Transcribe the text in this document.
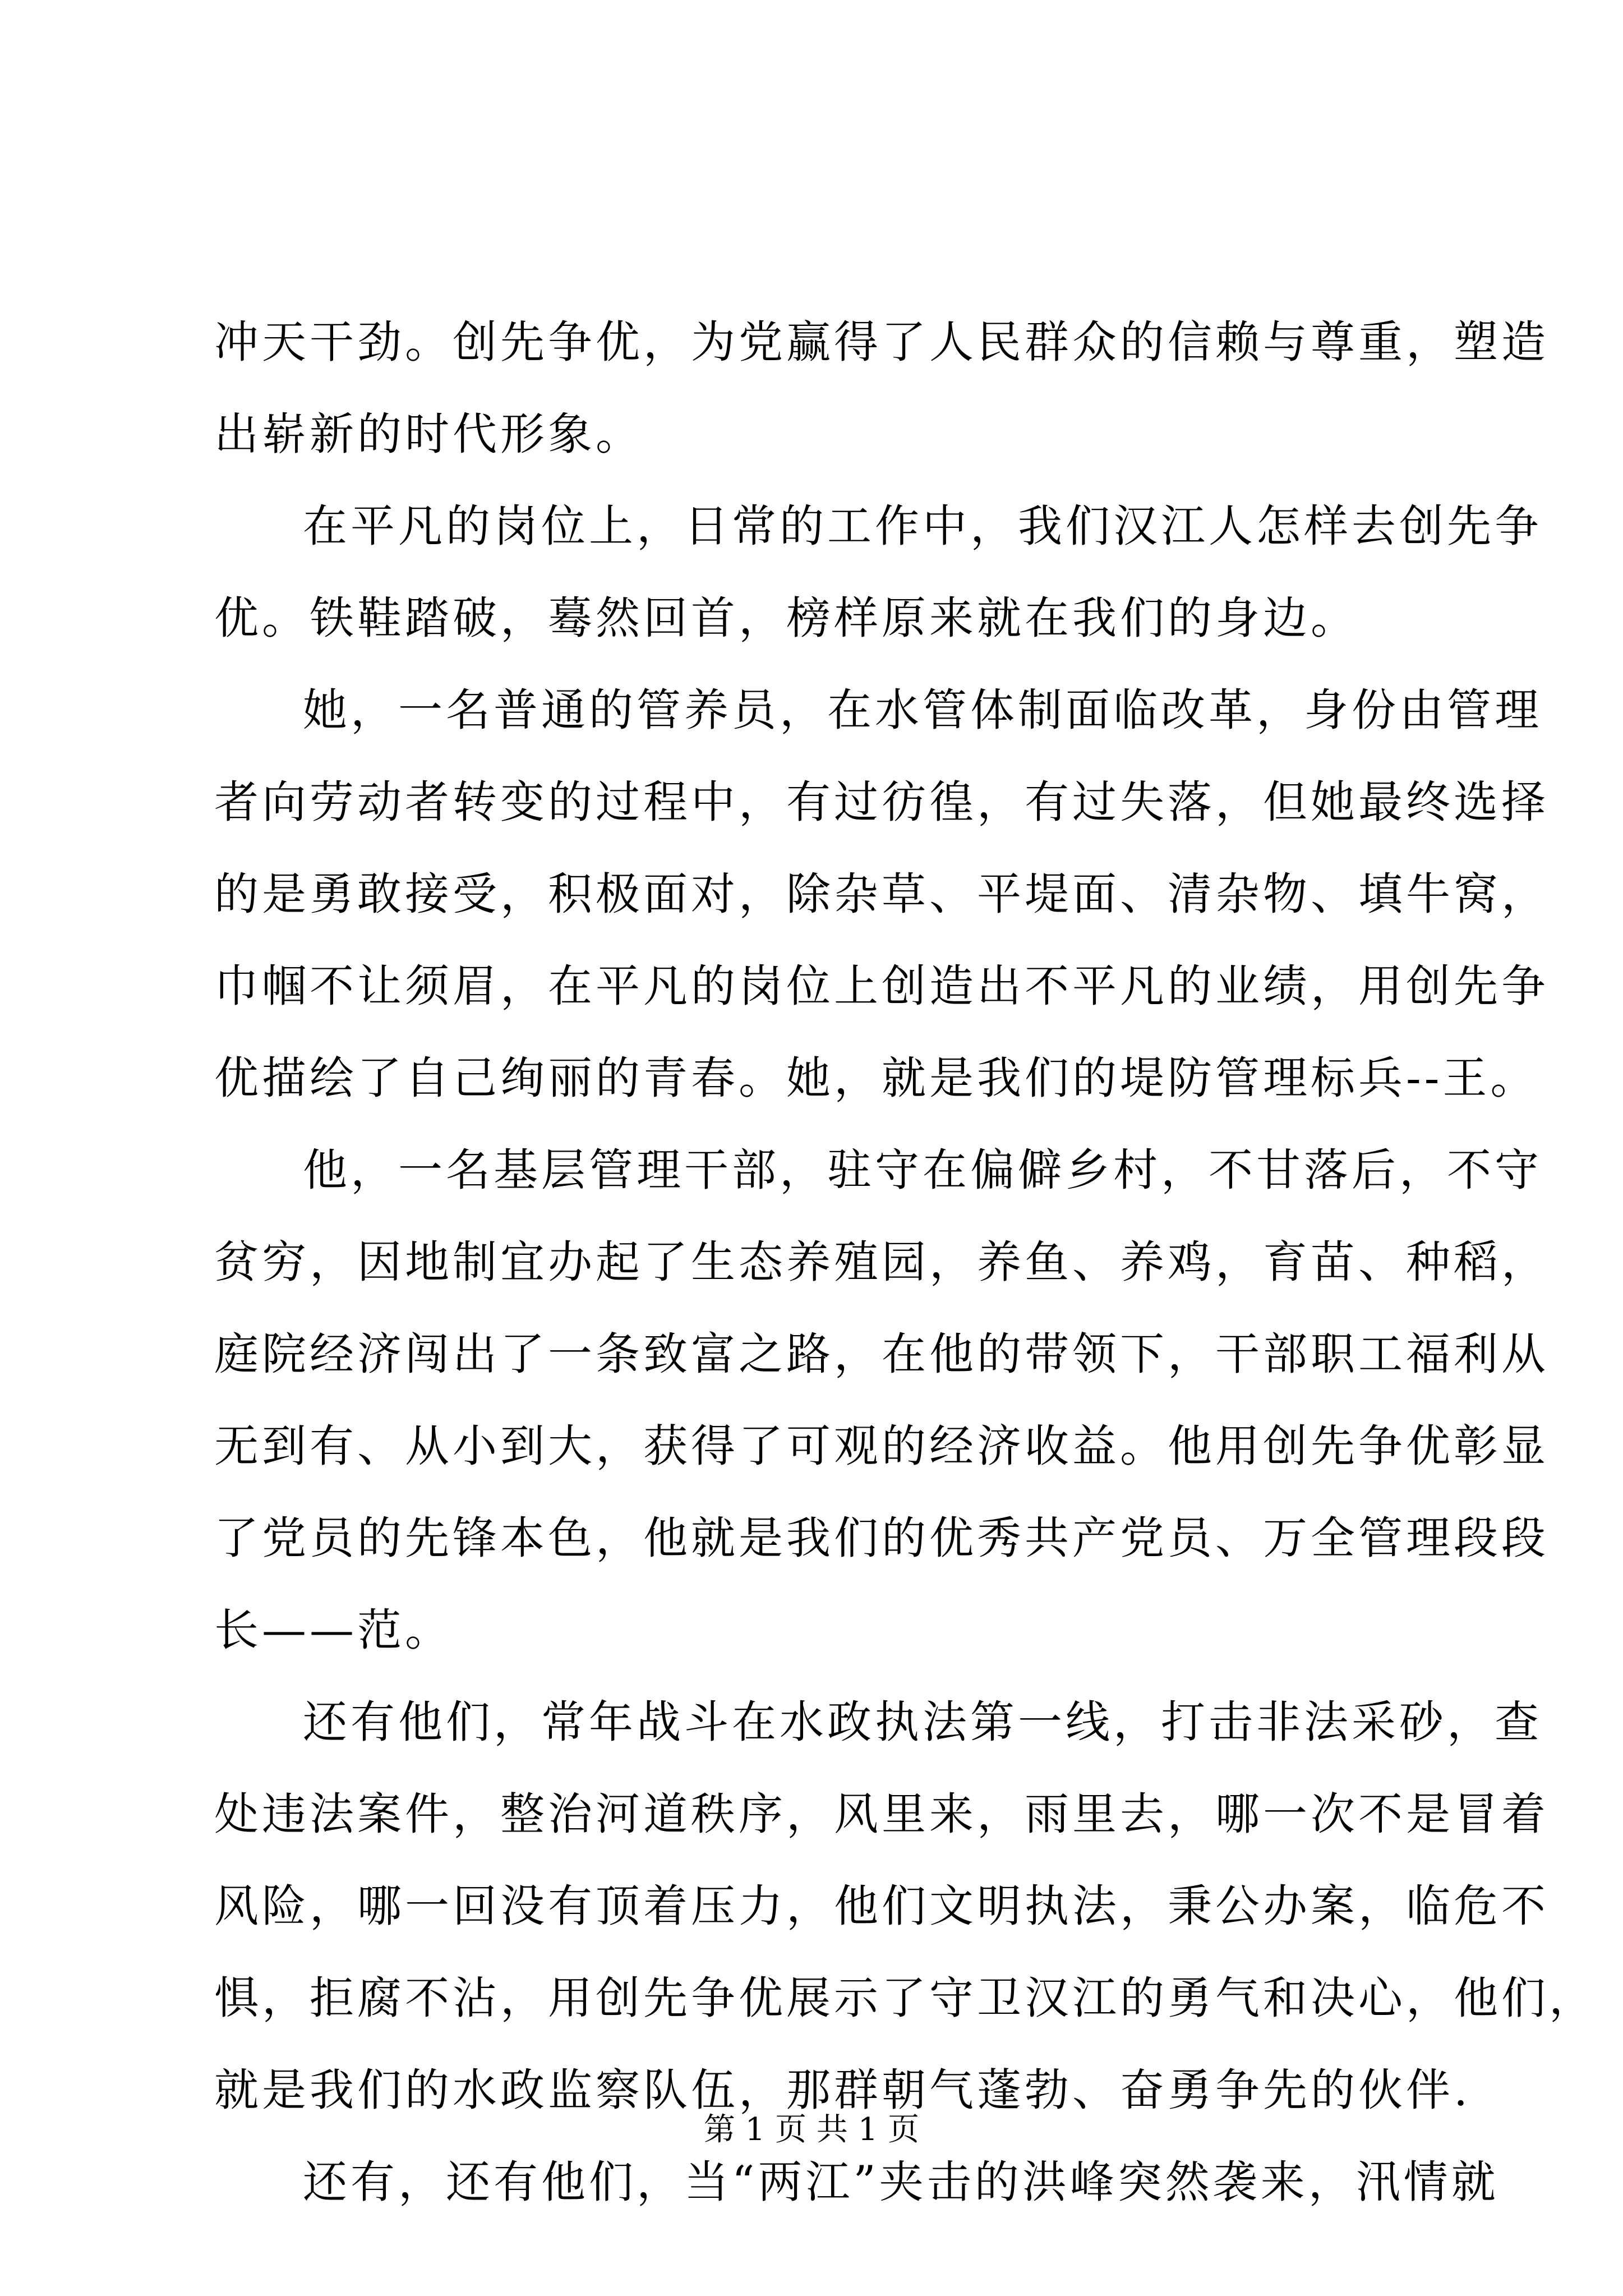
冲天干劲。创先争优，为党赢得了人民群众的信赖与尊重，塑造
出崭新的时代形象。
在平凡的岗位上，日常的工作中，我们汉江人怎样去创先争
优。铁鞋踏破，蓦然回首，榜样原来就在我们的身边。
她，一名普通的管养员，在水管体制面临改革，身份由管理
者向劳动者转变的过程中，有过彷徨，有过失落，但她最终选择
的是勇敢接受，积极面对，除杂草、平堤面、清杂物、填牛窝，
巾帼不让须眉，在平凡的岗位上创造出不平凡的业绩，用创先争
优描绘了自己绚丽的青春。她，就是我们的堤防管理标兵--王。
他，一名基层管理干部，驻守在偏僻乡村，不甘落后，不守
贫穷，因地制宜办起了生态养殖园，养鱼、养鸡，育苗、种稻，
庭院经济闯出了一条致富之路，在他的带领下，干部职工福利从
无到有、从小到大，获得了可观的经济收益。他用创先争优彰显
了党员的先锋本色，他就是我们的优秀共产党员、万全管理段段
长——范。
还有他们，常年战斗在水政执法第一线，打击非法采砂，查
处违法案件，整治河道秩序，风里来，雨里去，哪一次不是冒着
风险，哪一回没有顶着压力，他们文明执法，秉公办案，临危不
惧，拒腐不沾，用创先争优展示了守卫汉江的勇气和决心，他们，
就是我们的水政监察队伍，那群朝气蓬勃、奋勇争先的伙伴.
还有，还有他们，当“两江”夹击的洪峰突然袭来，汛情就
第 1 页 共 1 页
